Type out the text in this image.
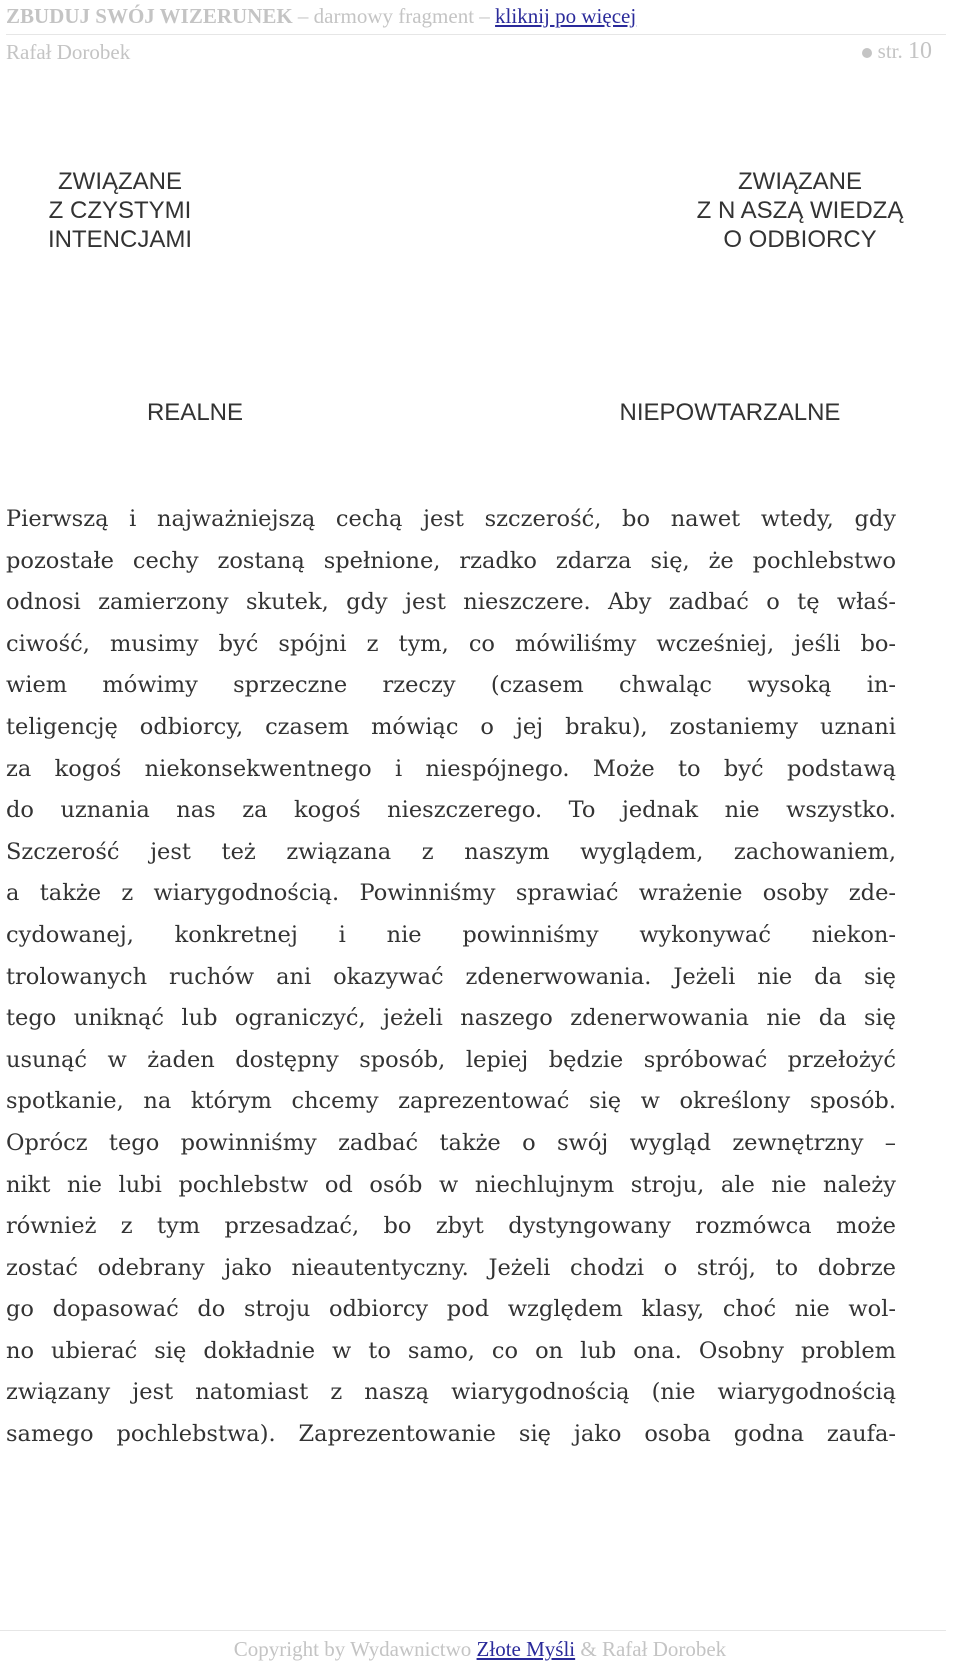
ZBUDUJ SWÓJ WIZERUNEK – darmowy fragment – kliknij po więcej
Rafał Dorobek	str. 10
ZWIĄZANE
Z CZYSTYMI
INTENCJAMI
ZWIĄZANE
Z N ASZĄ WIEDZĄ
O ODBIORCY
REALNE	NIEPOWTARZALNE
Pierwszą i najważniejszą cechą jest szczerość, bo nawet wtedy, gdy
pozostałe cechy zostaną spełnione, rzadko zdarza się, że pochlebstwo
odnosi zamierzony skutek, gdy jest nieszczere. Aby zadbać o tę właś-
ciwość, musimy być spójni z tym, co mówiliśmy wcześniej, jeśli bo-
wiem mówimy sprzeczne rzeczy (czasem chwaląc wysoką in-
teligencję odbiorcy, czasem mówiąc o jej braku), zostaniemy uznani
za kogoś niekonsekwentnego i niespójnego. Może to być podstawą
do uznania nas za kogoś nieszczerego. To jednak nie wszystko.
Szczerość jest też związana z naszym wyglądem, zachowaniem,
a także z wiarygodnością. Powinniśmy sprawiać wrażenie osoby zde-
cydowanej, konkretnej i nie powinniśmy wykonywać niekon-
trolowanych ruchów ani okazywać zdenerwowania. Jeżeli nie da się
tego uniknąć lub ograniczyć, jeżeli naszego zdenerwowania nie da się
usunąć w żaden dostępny sposób, lepiej będzie spróbować przełożyć
spotkanie, na którym chcemy zaprezentować się w określony sposób.
Oprócz tego powinniśmy zadbać także o swój wygląd zewnętrzny –
nikt nie lubi pochlebstw od osób w niechlujnym stroju, ale nie należy
również z tym przesadzać, bo zbyt dystyngowany rozmówca może
zostać odebrany jako nieautentyczny. Jeżeli chodzi o strój, to dobrze
go dopasować do stroju odbiorcy pod względem klasy, choć nie wol-
no ubierać się dokładnie w to samo, co on lub ona. Osobny problem
związany jest natomiast z naszą wiarygodnością (nie wiarygodnością
samego pochlebstwa). Zaprezentowanie się jako osoba godna zaufa-
Copyright by Wydawnictwo Złote Myśli & Rafał Dorobek
